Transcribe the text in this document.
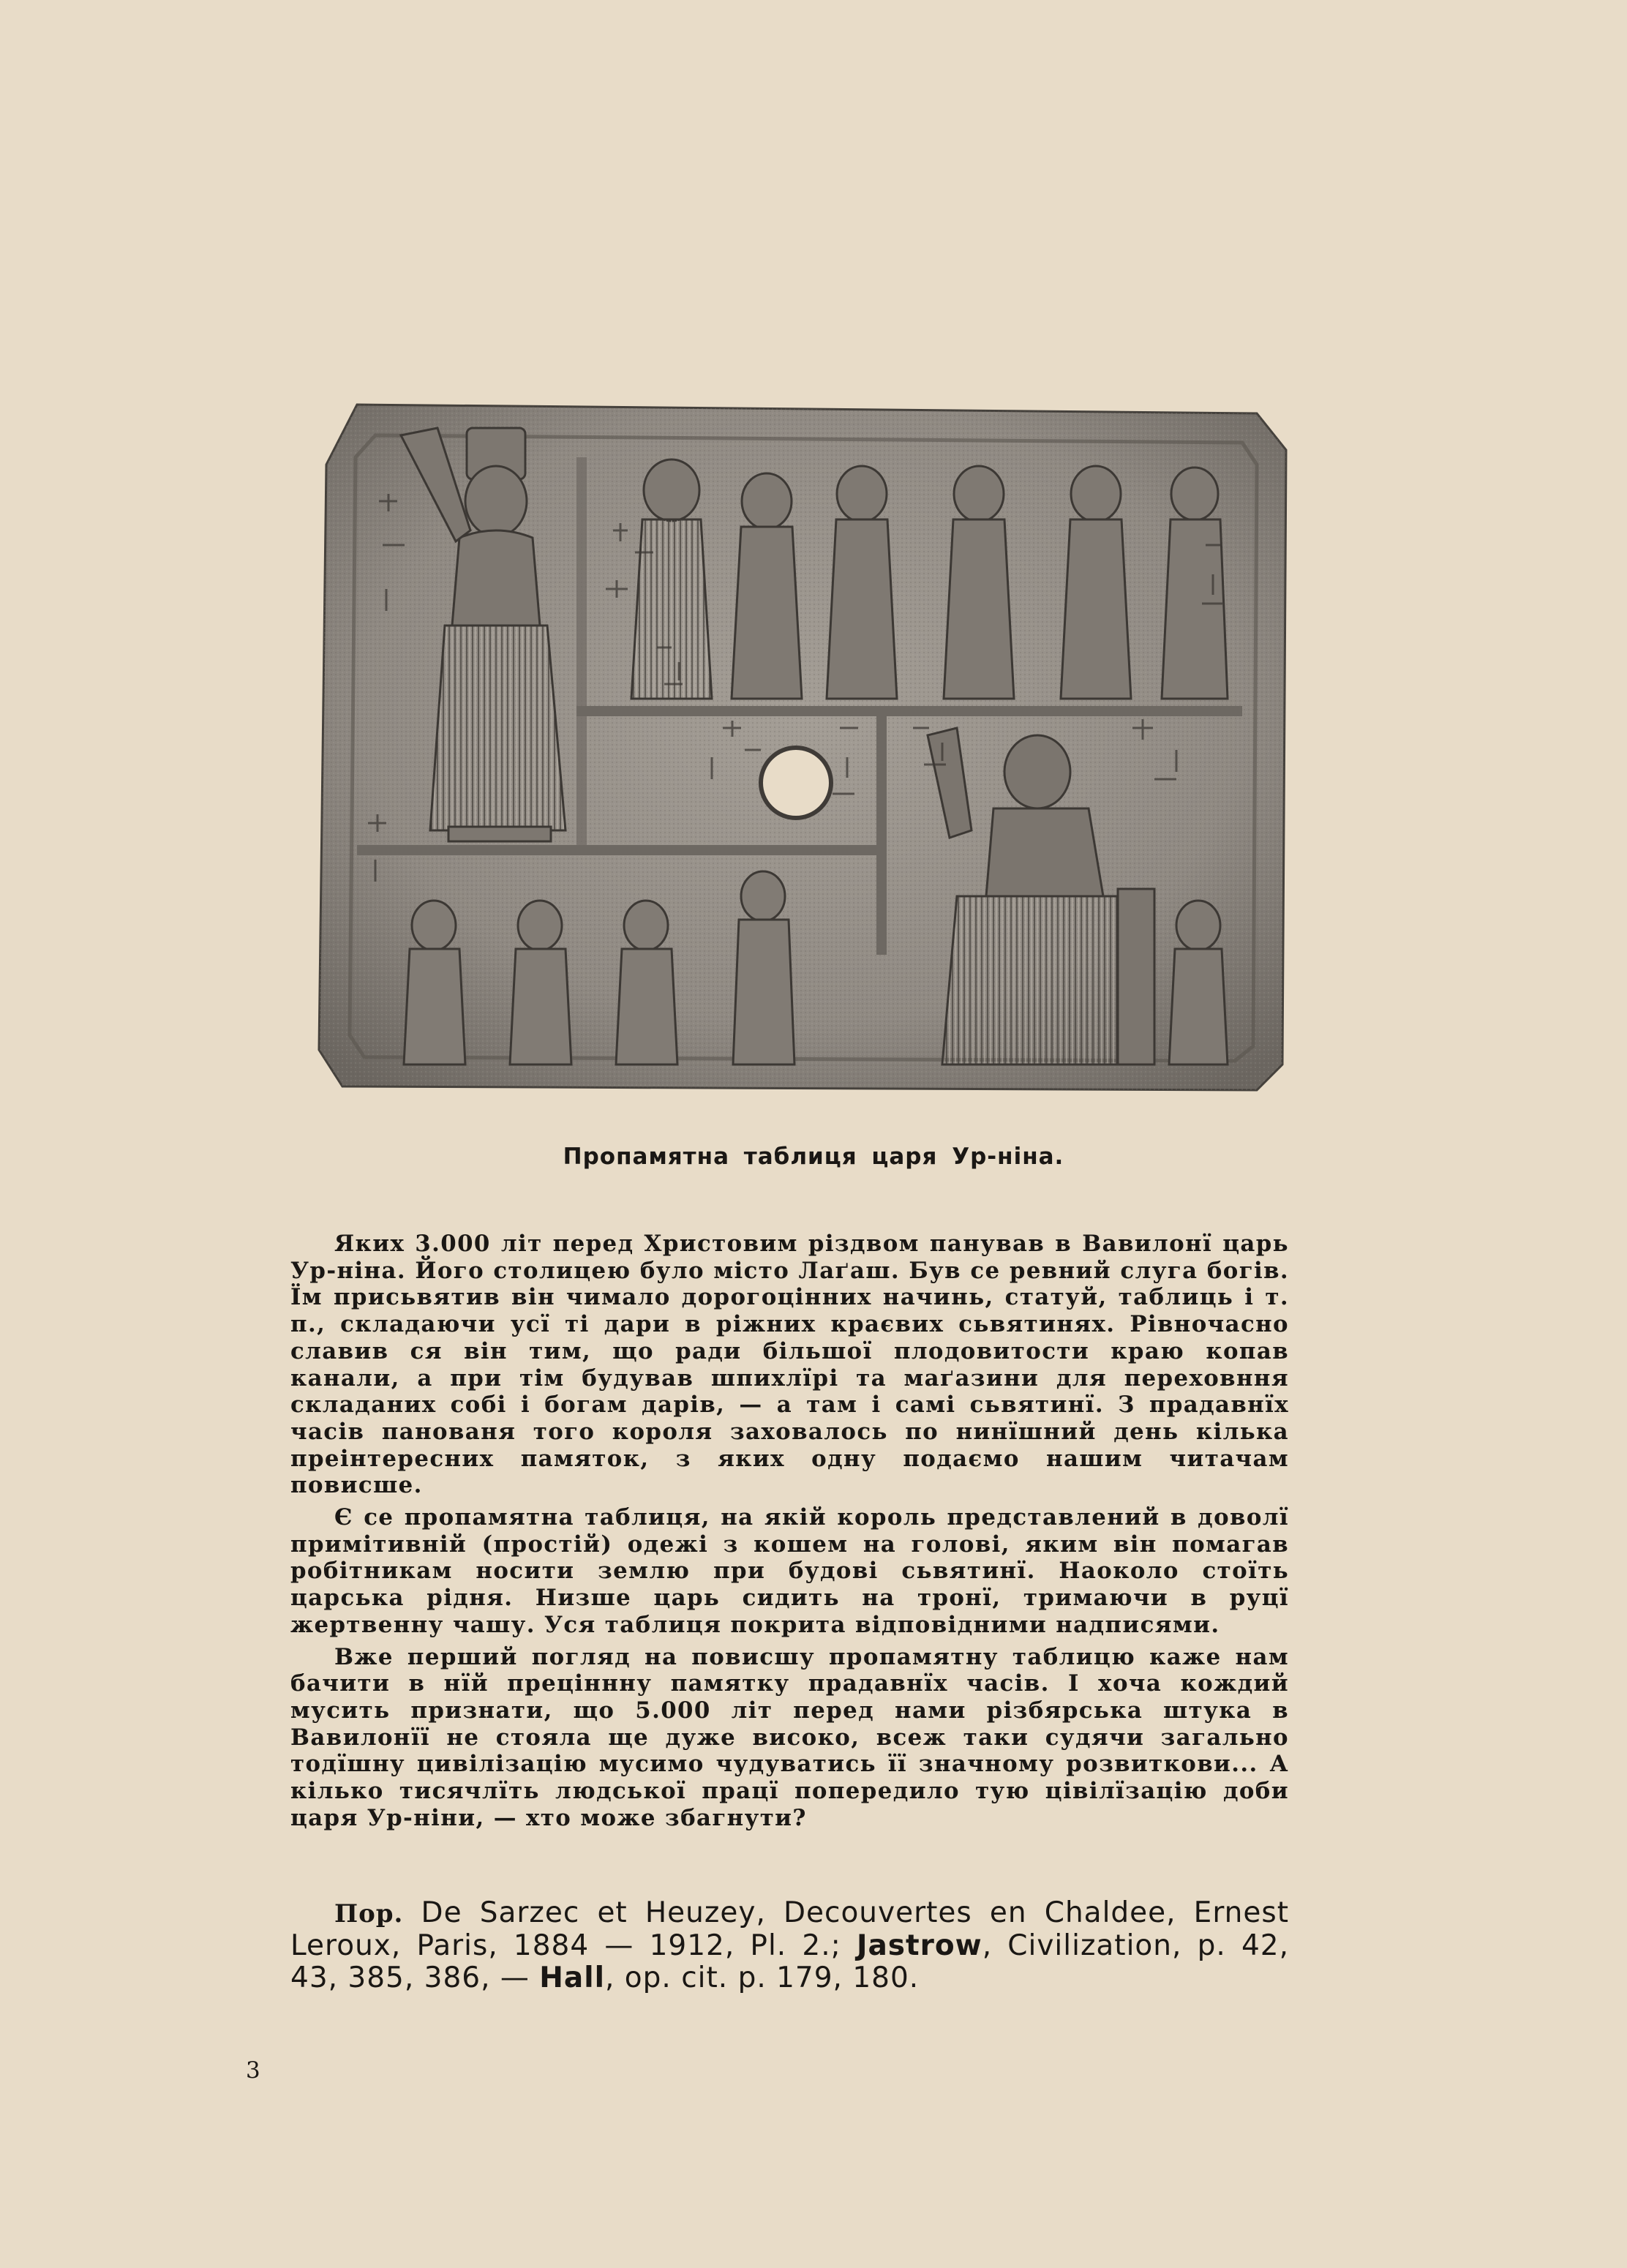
Пропамятна таблиця царя Ур-ніна.

Яких 3.000 літ перед Христовим різдвом панував в Вавилонї царь Ур-ніна. Його столицею було місто Лаґаш. Був се ревний слуга богів. Їм присьвятив він чимало дорогоцінних начинь, статуй, таблиць і т. п., складаючи усї ті дари в ріжних краєвих сьвятинях. Рівночасно славив ся він тим, що ради більшої плодовитости краю копав канали, а при тім будував шпихлїрі та маґазини для переховння складаних собі і богам дарів, — а там і самі сьвятинї. З прадавнїх часів панованя того короля заховалось по нинїшний день кілька преінтересних памяток, з яких одну подаємо нашим читачам повисше.

Є се пропамятна таблиця, на якій король представлений в доволї примітивній (простій) одежі з кошем на голові, яким він помагав робітникам носити землю при будові сьвятинї. Наоколо стоїть царська рідня. Низше царь сидить на тронї, тримаючи в руцї жертвенну чашу. Уся таблиця покрита відповідними надписями.

Вже перший погляд на повисшу пропамятну таблицю каже нам бачити в нїй преціннну памятку прадавнїх часів. І хоча кождий мусить признати, що 5.000 літ перед нами різбярська штука в Вавилонїї не стояла ще дуже високо, всеж таки судячи загально тодїшну цивілізацію мусимо чудуватись її значному розвиткови... А кілько тисячлїть людської працї попередило тую цівілїзацію доби царя Ур-ніни, — хто може збагнути?

Пор. De Sarzec et Heuzey, Decouvertes en Chaldee, Ernest Leroux, Paris, 1884 — 1912, Pl. 2.; Jastrow, Civilization, p. 42, 43, 385, 386, — Hall, op. cit. p. 179, 180.

3
